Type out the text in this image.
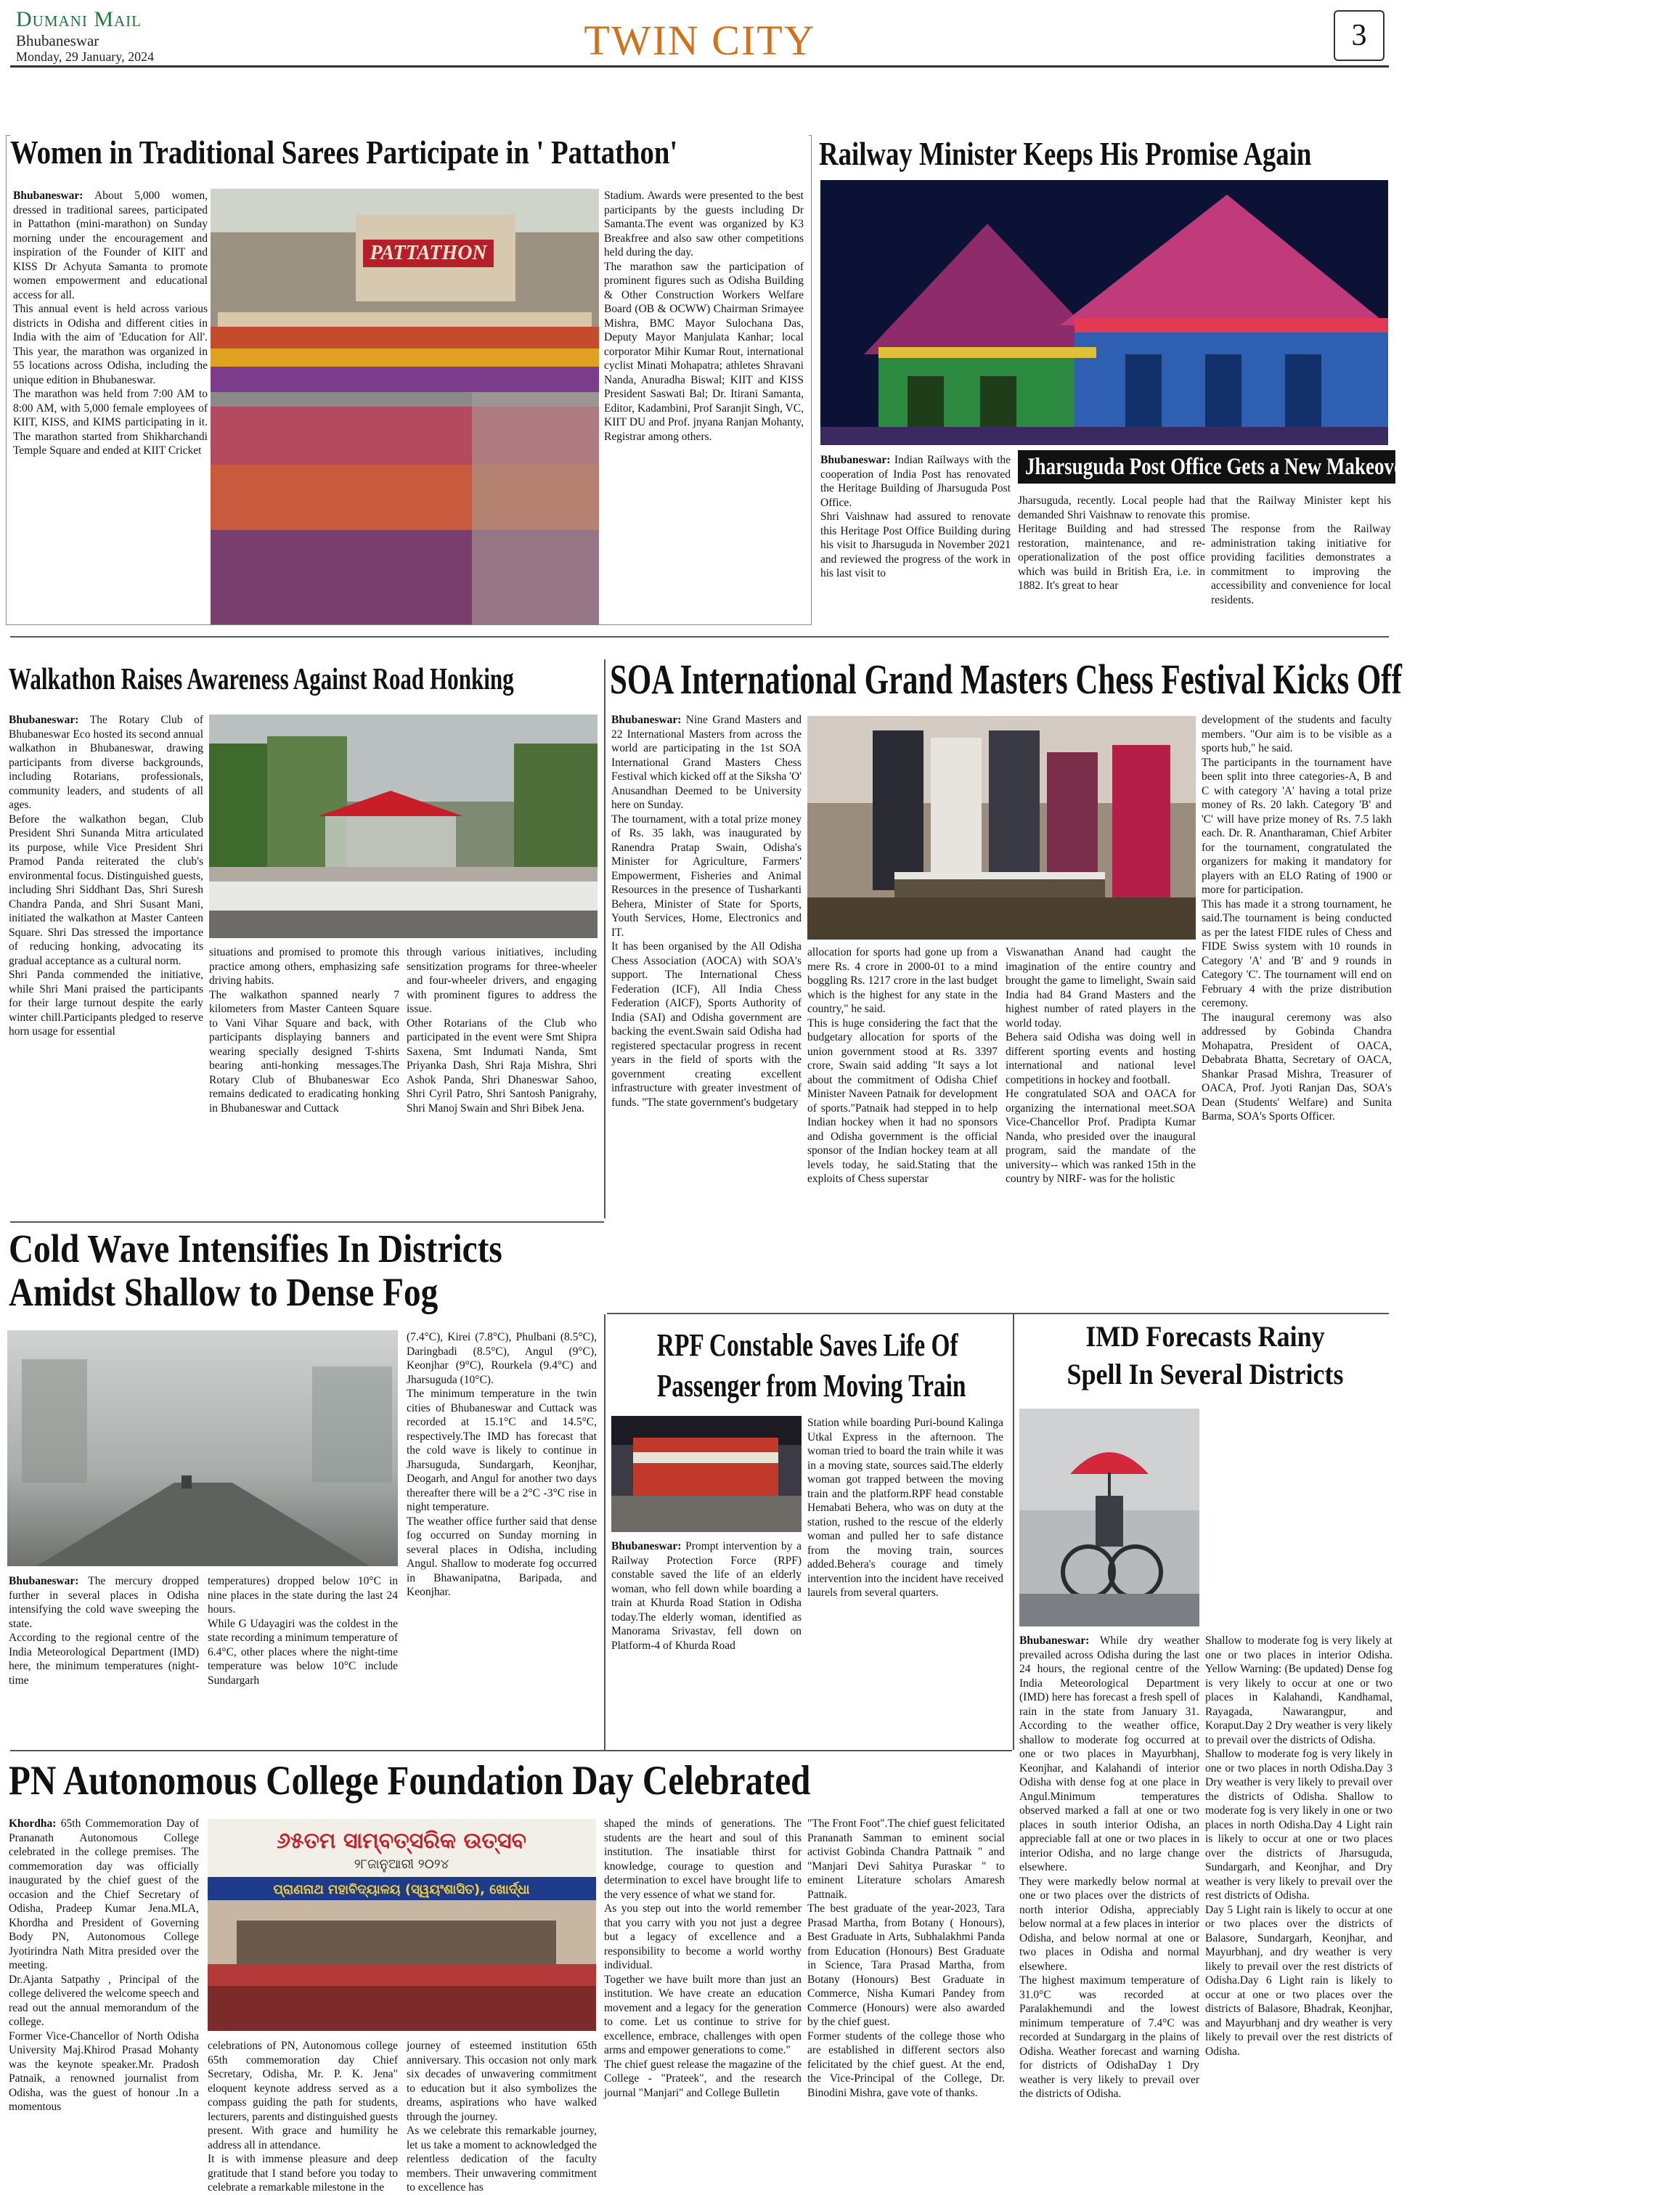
Dumani Mail
Bhubaneswar
Monday, 29 January, 2024	TWIN CITY	3
Women in Traditional Sarees Participate in ' Pattathon'
Bhubaneswar: About 5,000 women, dressed in traditional sarees, participated in Pattathon (mini-marathon) on Sunday morning under the encouragement and inspiration of the Founder of KIIT and KISS Dr Achyuta Samanta to promote women empowerment and educational access for all.
This annual event is held across various districts in Odisha and different cities in India with the aim of 'Education for All'. This year, the marathon was organized in 55 locations across Odisha, including the unique edition in Bhubaneswar.
The marathon was held from 7:00 AM to 8:00 AM, with 5,000 female employees of KIIT, KISS, and KIMS participating in it. The marathon started from Shikharchandi Temple Square and ended at KIIT Cricket
PATTATHON
Stadium. Awards were presented to the best participants by the guests including Dr Samanta.The event was organized by K3 Breakfree and also saw other competitions held during the day.
The marathon saw the participation of prominent figures such as Odisha Building & Other Construction Workers Welfare Board (OB & OCWW) Chairman Srimayee Mishra, BMC Mayor Sulochana Das, Deputy Mayor Manjulata Kanhar; local corporator Mihir Kumar Rout, international cyclist Minati Mohapatra; athletes Shravani Nanda, Anuradha Biswal; KIIT and KISS President Saswati Bal; Dr. Itirani Samanta, Editor, Kadambini, Prof Saranjit Singh, VC, KIIT DU and Prof. jnyana Ranjan Mohanty, Registrar among others.
Railway Minister Keeps His Promise Again
Jharsuguda Post Office Gets a New Makeover
Bhubaneswar: Indian Railways with the cooperation of India Post has renovated the Heritage Building of Jharsuguda Post Office.
Shri Vaishnaw had assured to renovate this Heritage Post Office Building during his visit to Jharsuguda in November 2021 and reviewed the progress of the work in his last visit to
Jharsuguda, recently. Local people had demanded Shri Vaishnaw to renovate this Heritage Building and had stressed restoration, maintenance, and re-operationalization of the post office which was build in British Era, i.e. in 1882. It's great to hear
that the Railway Minister kept his promise.
The response from the Railway administration taking initiative for providing facilities demonstrates a commitment to improving the accessibility and convenience for local residents.
Walkathon Raises Awareness Against Road Honking
Bhubaneswar: The Rotary Club of Bhubaneswar Eco hosted its second annual walkathon in Bhubaneswar, drawing participants from diverse backgrounds, including Rotarians, professionals, community leaders, and students of all ages.
Before the walkathon began, Club President Shri Sunanda Mitra articulated its purpose, while Vice President Shri Pramod Panda reiterated the club's environmental focus. Distinguished guests, including Shri Siddhant Das, Shri Suresh Chandra Panda, and Shri Susant Mani, initiated the walkathon at Master Canteen Square. Shri Das stressed the importance of reducing honking, advocating its gradual acceptance as a cultural norm.
Shri Panda commended the initiative, while Shri Mani praised the participants for their large turnout despite the early winter chill.Participants pledged to reserve horn usage for essential
situations and promised to promote this practice among others, emphasizing safe driving habits.
The walkathon spanned nearly 7 kilometers from Master Canteen Square to Vani Vihar Square and back, with participants displaying banners and wearing specially designed T-shirts bearing anti-honking messages.The Rotary Club of Bhubaneswar Eco remains dedicated to eradicating honking in Bhubaneswar and Cuttack
through various initiatives, including sensitization programs for three-wheeler and four-wheeler drivers, and engaging with prominent figures to address the issue.
Other Rotarians of the Club who participated in the event were Smt Shipra Saxena, Smt Indumati Nanda, Smt Priyanka Dash, Shri Raja Mishra, Shri Ashok Panda, Shri Dhaneswar Sahoo, Shri Cyril Patro, Shri Santosh Panigrahy, Shri Manoj Swain and Shri Bibek Jena.
SOA International Grand Masters Chess Festival Kicks Off
Bhubaneswar: Nine Grand Masters and 22 International Masters from across the world are participating in the 1st SOA International Grand Masters Chess Festival which kicked off at the Siksha 'O' Anusandhan Deemed to be University here on Sunday.
The tournament, with a total prize money of Rs. 35 lakh, was inaugurated by Ranendra Pratap Swain, Odisha's Minister for Agriculture, Farmers' Empowerment, Fisheries and Animal Resources in the presence of Tusharkanti Behera, Minister of State for Sports, Youth Services, Home, Electronics and IT.
It has been organised by the All Odisha Chess Association (AOCA) with SOA's support. The International Chess Federation (ICF), All India Chess Federation (AICF), Sports Authority of India (SAI) and Odisha government are backing the event.Swain said Odisha had registered spectacular progress in recent years in the field of sports with the government creating excellent infrastructure with greater investment of funds. "The state government's budgetary
allocation for sports had gone up from a mere Rs. 4 crore in 2000-01 to a mind boggling Rs. 1217 crore in the last budget which is the highest for any state in the country," he said.
This is huge considering the fact that the budgetary allocation for sports of the union government stood at Rs. 3397 crore, Swain said adding "It says a lot about the commitment of Odisha Chief Minister Naveen Patnaik for development of sports."Patnaik had stepped in to help Indian hockey when it had no sponsors and Odisha government is the official sponsor of the Indian hockey team at all levels today, he said.Stating that the exploits of Chess superstar
Viswanathan Anand had caught the imagination of the entire country and brought the game to limelight, Swain said India had 84 Grand Masters and the highest number of rated players in the world today.
Behera said Odisha was doing well in different sporting events and hosting international and national level competitions in hockey and football.
He congratulated SOA and OACA for organizing the international meet.SOA Vice-Chancellor Prof. Pradipta Kumar Nanda, who presided over the inaugural program, said the mandate of the university-- which was ranked 15th in the country by NIRF- was for the holistic
development of the students and faculty members. "Our aim is to be visible as a sports hub," he said.
The participants in the tournament have been split into three categories-A, B and C with category 'A' having a total prize money of Rs. 20 lakh. Category 'B' and 'C' will have prize money of Rs. 7.5 lakh each. Dr. R. Anantharaman, Chief Arbiter for the tournament, congratulated the organizers for making it mandatory for players with an ELO Rating of 1900 or more for participation.
This has made it a strong tournament, he said.The tournament is being conducted as per the latest FIDE rules of Chess and FIDE Swiss system with 10 rounds in Category 'A' and 'B' and 9 rounds in Category 'C'. The tournament will end on February 4 with the prize distribution ceremony.
The inaugural ceremony was also addressed by Gobinda Chandra Mohapatra, President of OACA, Debabrata Bhatta, Secretary of OACA, Shankar Prasad Mishra, Treasurer of OACA, Prof. Jyoti Ranjan Das, SOA's Dean (Students' Welfare) and Sunita Barma, SOA's Sports Officer.
Cold Wave Intensifies In Districts
Amidst Shallow to Dense Fog
Bhubaneswar: The mercury dropped further in several places in Odisha intensifying the cold wave sweeping the state.
According to the regional centre of the India Meteorological Department (IMD) here, the minimum temperatures (night-time
temperatures) dropped below 10°C in nine places in the state during the last 24 hours.
While G Udayagiri was the coldest in the state recording a minimum temperature of 6.4°C, other places where the night-time temperature was below 10°C include Sundargarh
(7.4°C), Kirei (7.8°C), Phulbani (8.5°C), Daringbadi (8.5°C), Angul (9°C), Keonjhar (9°C), Rourkela (9.4°C) and Jharsuguda (10°C).
The minimum temperature in the twin cities of Bhubaneswar and Cuttack was recorded at 15.1°C and 14.5°C, respectively.The IMD has forecast that the cold wave is likely to continue in Jharsuguda, Sundargarh, Keonjhar, Deogarh, and Angul for another two days thereafter there will be a 2°C -3°C rise in night temperature.
The weather office further said that dense fog occurred on Sunday morning in several places in Odisha, including Angul. Shallow to moderate fog occurred in Bhawanipatna, Baripada, and Keonjhar.
RPF Constable Saves Life Of
Passenger from Moving Train
Bhubaneswar: Prompt intervention by a Railway Protection Force (RPF) constable saved the life of an elderly woman, who fell down while boarding a train at Khurda Road Station in Odisha today.The elderly woman, identified as Manorama Srivastav, fell down on Platform-4 of Khurda Road
Station while boarding Puri-bound Kalinga Utkal Express in the afternoon. The woman tried to board the train while it was in a moving state, sources said.The elderly woman got trapped between the moving train and the platform.RPF head constable Hemabati Behera, who was on duty at the station, rushed to the rescue of the elderly woman and pulled her to safe distance from the moving train, sources added.Behera's courage and timely intervention into the incident have received laurels from several quarters.
IMD Forecasts Rainy
Spell In Several Districts
Bhubaneswar: While dry weather prevailed across Odisha during the last 24 hours, the regional centre of the India Meteorological Department (IMD) here has forecast a fresh spell of rain in the state from January 31. According to the weather office, shallow to moderate fog occurred at one or two places in Mayurbhanj, Keonjhar, and Kalahandi of interior Odisha with dense fog at one place in Angul.Minimum temperatures observed marked a fall at one or two places in south interior Odisha, an appreciable fall at one or two places in interior Odisha, and no large change elsewhere.
They were markedly below normal at one or two places over the districts of north interior Odisha, appreciably below normal at a few places in interior Odisha, and below normal at one or two places in Odisha and normal elsewhere.
The highest maximum temperature of 31.0°C was recorded at Paralakhemundi and the lowest minimum temperature of 7.4°C was recorded at Sundargarg in the plains of Odisha. Weather forecast and warning for districts of OdishaDay 1 Dry weather is very likely to prevail over the districts of Odisha.
Shallow to moderate fog is very likely at one or two places in interior Odisha. Yellow Warning: (Be updated) Dense fog is very likely to occur at one or two places in Kalahandi, Kandhamal, Rayagada, Nawarangpur, and Koraput.Day 2 Dry weather is very likely to prevail over the districts of Odisha.
Shallow to moderate fog is very likely in one or two places in north Odisha.Day 3 Dry weather is very likely to prevail over the districts of Odisha. Shallow to moderate fog is very likely in one or two places in north Odisha.Day 4 Light rain is likely to occur at one or two places over the districts of Jharsuguda, Sundargarh, and Keonjhar, and Dry weather is very likely to prevail over the rest districts of Odisha.
Day 5 Light rain is likely to occur at one or two places over the districts of Balasore, Sundargarh, Keonjhar, and Mayurbhanj, and dry weather is very likely to prevail over the rest districts of Odisha.Day 6 Light rain is likely to occur at one or two places over the districts of Balasore, Bhadrak, Keonjhar, and Mayurbhanj and dry weather is very likely to prevail over the rest districts of Odisha.
PN Autonomous College Foundation Day Celebrated
Khordha: 65th Commemoration Day of Prananath Autonomous College celebrated in the college premises. The commemoration day was officially inaugurated by the chief guest of the occasion and the Chief Secretary of Odisha, Pradeep Kumar Jena.MLA, Khordha and President of Governing Body PN, Autonomous College Jyotirindra Nath Mitra presided over the meeting.
Dr.Ajanta Satpathy , Principal of the college delivered the welcome speech and read out the annual memorandum of the college.
Former Vice-Chancellor of North Odisha University Maj.Khirod Prasad Mohanty was the keynote speaker.Mr. Pradosh Patnaik, a renowned journalist from Odisha, was the guest of honour .In a momentous
୬୫ତମ ସାମ୍ବତ୍ସରିକ ଉତ୍ସବ
୨୮ଜାନୁଆରୀ ୨୦୨୪
ପ୍ରାଣନାଥ ମହାବିଦ୍ୟାଳୟ (ସ୍ୱୟଂଶାସିତ), ଖୋର୍ଦ୍ଧା
celebrations of PN, Autonomous college 65th commemoration day Chief Secretary, Odisha, Mr. P. K. Jena" eloquent keynote address served as a compass guiding the path for students, lecturers, parents and distinguished guests present. With grace and humility he address all in attendance.
It is with immense pleasure and deep gratitude that I stand before you today to celebrate a remarkable milestone in the
journey of esteemed institution 65th anniversary. This occasion not only mark six decades of unwavering commitment to education but it also symbolizes the dreams, aspirations who have walked through the journey.
As we celebrate this remarkable journey, let us take a moment to acknowledged the relentless dedication of the faculty members. Their unwavering commitment to excellence has
shaped the minds of generations. The students are the heart and soul of this institution. The insatiable thirst for knowledge, courage to question and determination to excel have brought life to the very essence of what we stand for.
As you step out into the world remember that you carry with you not just a degree but a legacy of excellence and a responsibility to become a world worthy individual.
Together we have built more than just an institution. We have create an education movement and a legacy for the generation to come. Let us continue to strive for excellence, embrace, challenges with open arms and empower generations to come."
The chief guest release the magazine of the College - "Prateek", and the research journal "Manjari" and College Bulletin
"The Front Foot".The chief guest felicitated Prananath Samman to eminent social activist Gobinda Chandra Pattnaik " and "Manjari Devi Sahitya Puraskar " to eminent Literature scholars Amaresh Pattnaik.
The best graduate of the year-2023, Tara Prasad Martha, from Botany ( Honours), Best Graduate in Arts, Subhalakhmi Panda from Education (Honours) Best Graduate in Science, Tara Prasad Martha, from Botany (Honours) Best Graduate in Commerce, Nisha Kumari Pandey from Commerce (Honours) were also awarded by the chief guest.
Former students of the college those who are established in different sectors also felicitated by the chief guest. At the end, the Vice-Principal of the College, Dr. Binodini Mishra, gave vote of thanks.
